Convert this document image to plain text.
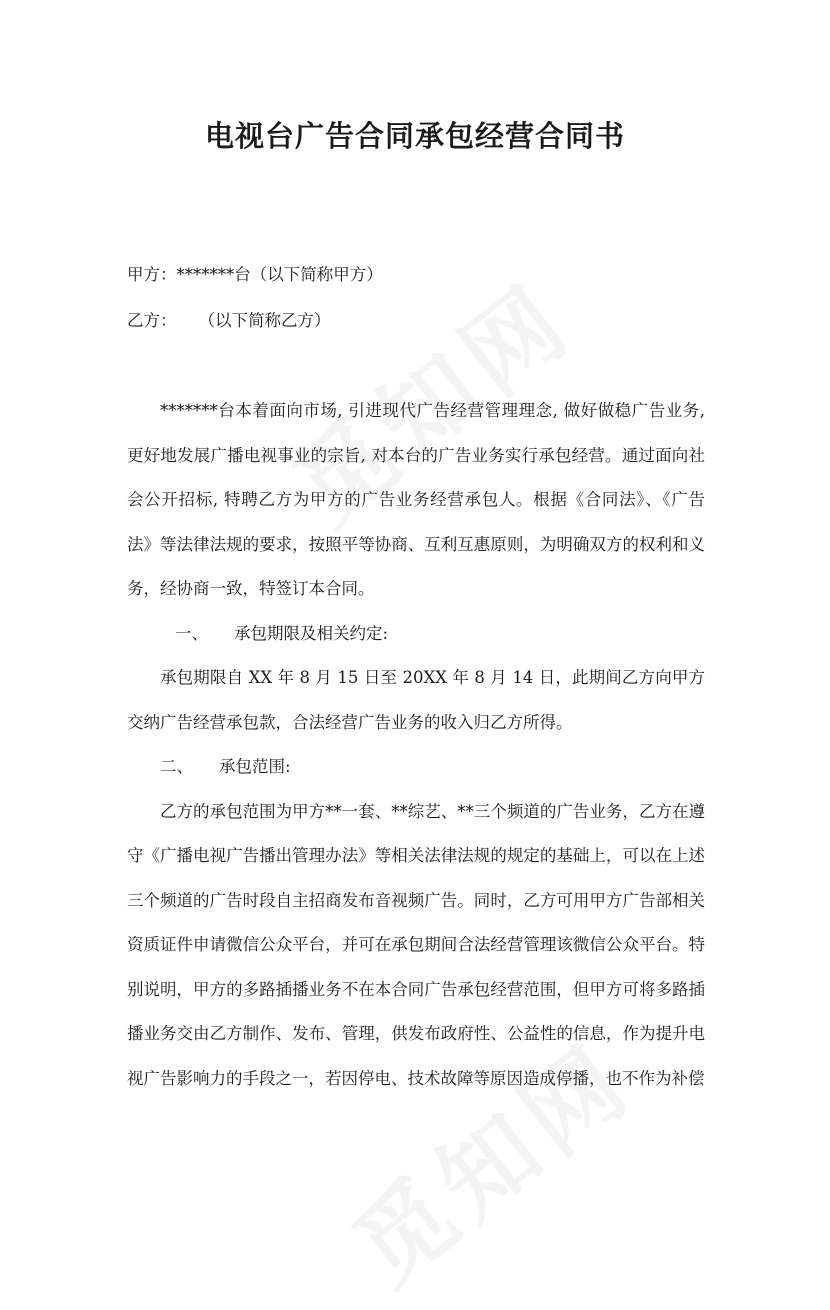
电视台广告合同承包经营合同书
甲方：*******台（以下简称甲方）
乙方： （以下简称乙方）

*******台本着面向市场, 引进现代广告经营管理理念, 做好做稳广告业务, 更好地发展广播电视事业的宗旨, 对本台的广告业务实行承包经营。通过面向社会公开招标, 特聘乙方为甲方的广告业务经营承包人。根据《合同法》、《广告法》等法律法规的要求，按照平等协商、互利互惠原则，为明确双方的权利和义务，经协商一致，特签订本合同。

一、 承包期限及相关约定:

承包期限自 XX 年 8 月 15 日至 20XX 年 8 月 14 日，此期间乙方向甲方交纳广告经营承包款，合法经营广告业务的收入归乙方所得。

二、 承包范围:

乙方的承包范围为甲方**一套、**综艺、**三个频道的广告业务，乙方在遵守《广播电视广告播出管理办法》等相关法律法规的规定的基础上，可以在上述三个频道的广告时段自主招商发布音视频广告。同时，乙方可用甲方广告部相关资质证件申请微信公众平台，并可在承包期间合法经营管理该微信公众平台。特别说明，甲方的多路插播业务不在本合同广告承包经营范围，但甲方可将多路插播业务交由乙方制作、发布、管理，供发布政府性、公益性的信息，作为提升电视广告影响力的手段之一，若因停电、技术故障等原因造成停播，也不作为补偿
